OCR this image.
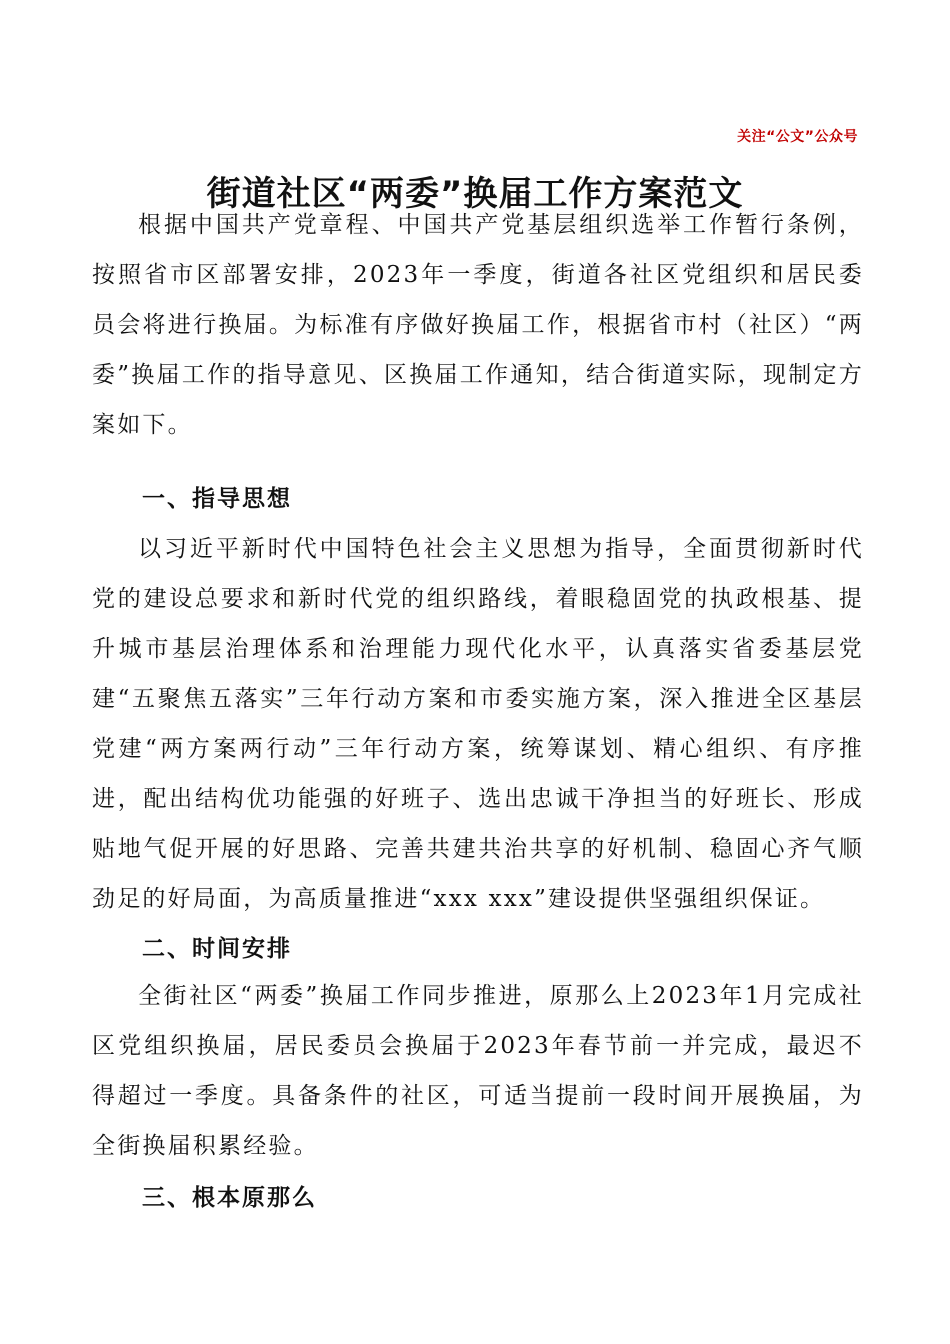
关注“公文”公众号
街道社区“两委”换届工作方案范文

根据中国共产党章程、中国共产党基层组织选举工作暂行条例，按照省市区部署安排，2023年一季度，街道各社区党组织和居民委员会将进行换届。为标准有序做好换届工作，根据省市村（社区）“两委”换届工作的指导意见、区换届工作通知，结合街道实际，现制定方案如下。

一、指导思想

以习近平新时代中国特色社会主义思想为指导，全面贯彻新时代党的建设总要求和新时代党的组织路线，着眼稳固党的执政根基、提升城市基层治理体系和治理能力现代化水平，认真落实省委基层党建“五聚焦五落实”三年行动方案和市委实施方案，深入推进全区基层党建“两方案两行动”三年行动方案，统筹谋划、精心组织、有序推进，配出结构优功能强的好班子、选出忠诚干净担当的好班长、形成贴地气促开展的好思路、完善共建共治共享的好机制、稳固心齐气顺劲足的好局面，为高质量推进“xxx xxx”建设提供坚强组织保证。

二、时间安排

全街社区“两委”换届工作同步推进，原那么上2023年1月完成社区党组织换届，居民委员会换届于2023年春节前一并完成，最迟不得超过一季度。具备条件的社区，可适当提前一段时间开展换届，为全街换届积累经验。

三、根本原那么
